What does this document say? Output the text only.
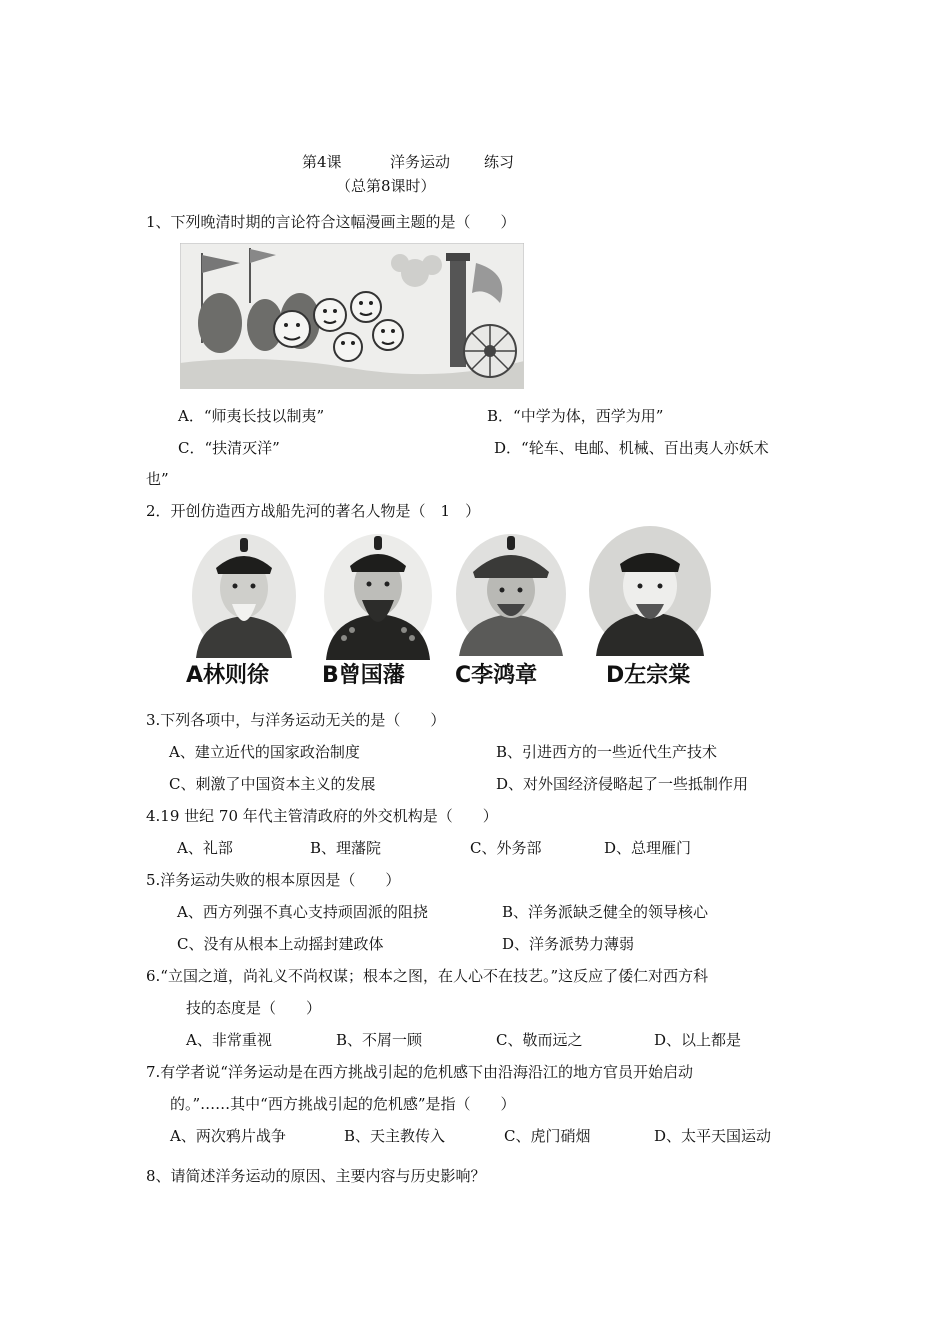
第4课	洋务运动 练习
（总第8课时）
1、下列晚清时期的言论符合这幅漫画主题的是（　　）
A．“师夷长技以制夷”	B．“中学为体，西学为用”
C．“扶清灭洋”	D．“轮车、电邮、机械、百出夷人亦妖术
也”
2．开创仿造西方战船先河的著名人物是（　1　）
A林则徐 B曾国藩 C李鸿章	D左宗棠
3.下列各项中，与洋务运动无关的是（　　）
A、建立近代的国家政治制度	B、引进西方的一些近代生产技术
C、刺激了中国资本主义的发展	D、对外国经济侵略起了一些抵制作用
4.19 世纪 70 年代主管清政府的外交机构是（　　）
A、礼部	B、理藩院	C、外务部	D、总理雁门
5.洋务运动失败的根本原因是（　　）
A、西方列强不真心支持顽固派的阻挠	B、洋务派缺乏健全的领导核心
C、没有从根本上动摇封建政体	D、洋务派势力薄弱
6.“立国之道，尚礼义不尚权谋；根本之图，在人心不在技艺。”这反应了倭仁对西方科
技的态度是（　　）
A、非常重视	B、不屑一顾	C、敬而远之	D、以上都是
7.有学者说“洋务运动是在西方挑战引起的危机感下由沿海沿江的地方官员开始启动
的。”……其中“西方挑战引起的危机感”是指（　　）
A、两次鸦片战争	B、天主教传入	C、虎门硝烟	D、太平天国运动
8、请简述洋务运动的原因、主要内容与历史影响？
